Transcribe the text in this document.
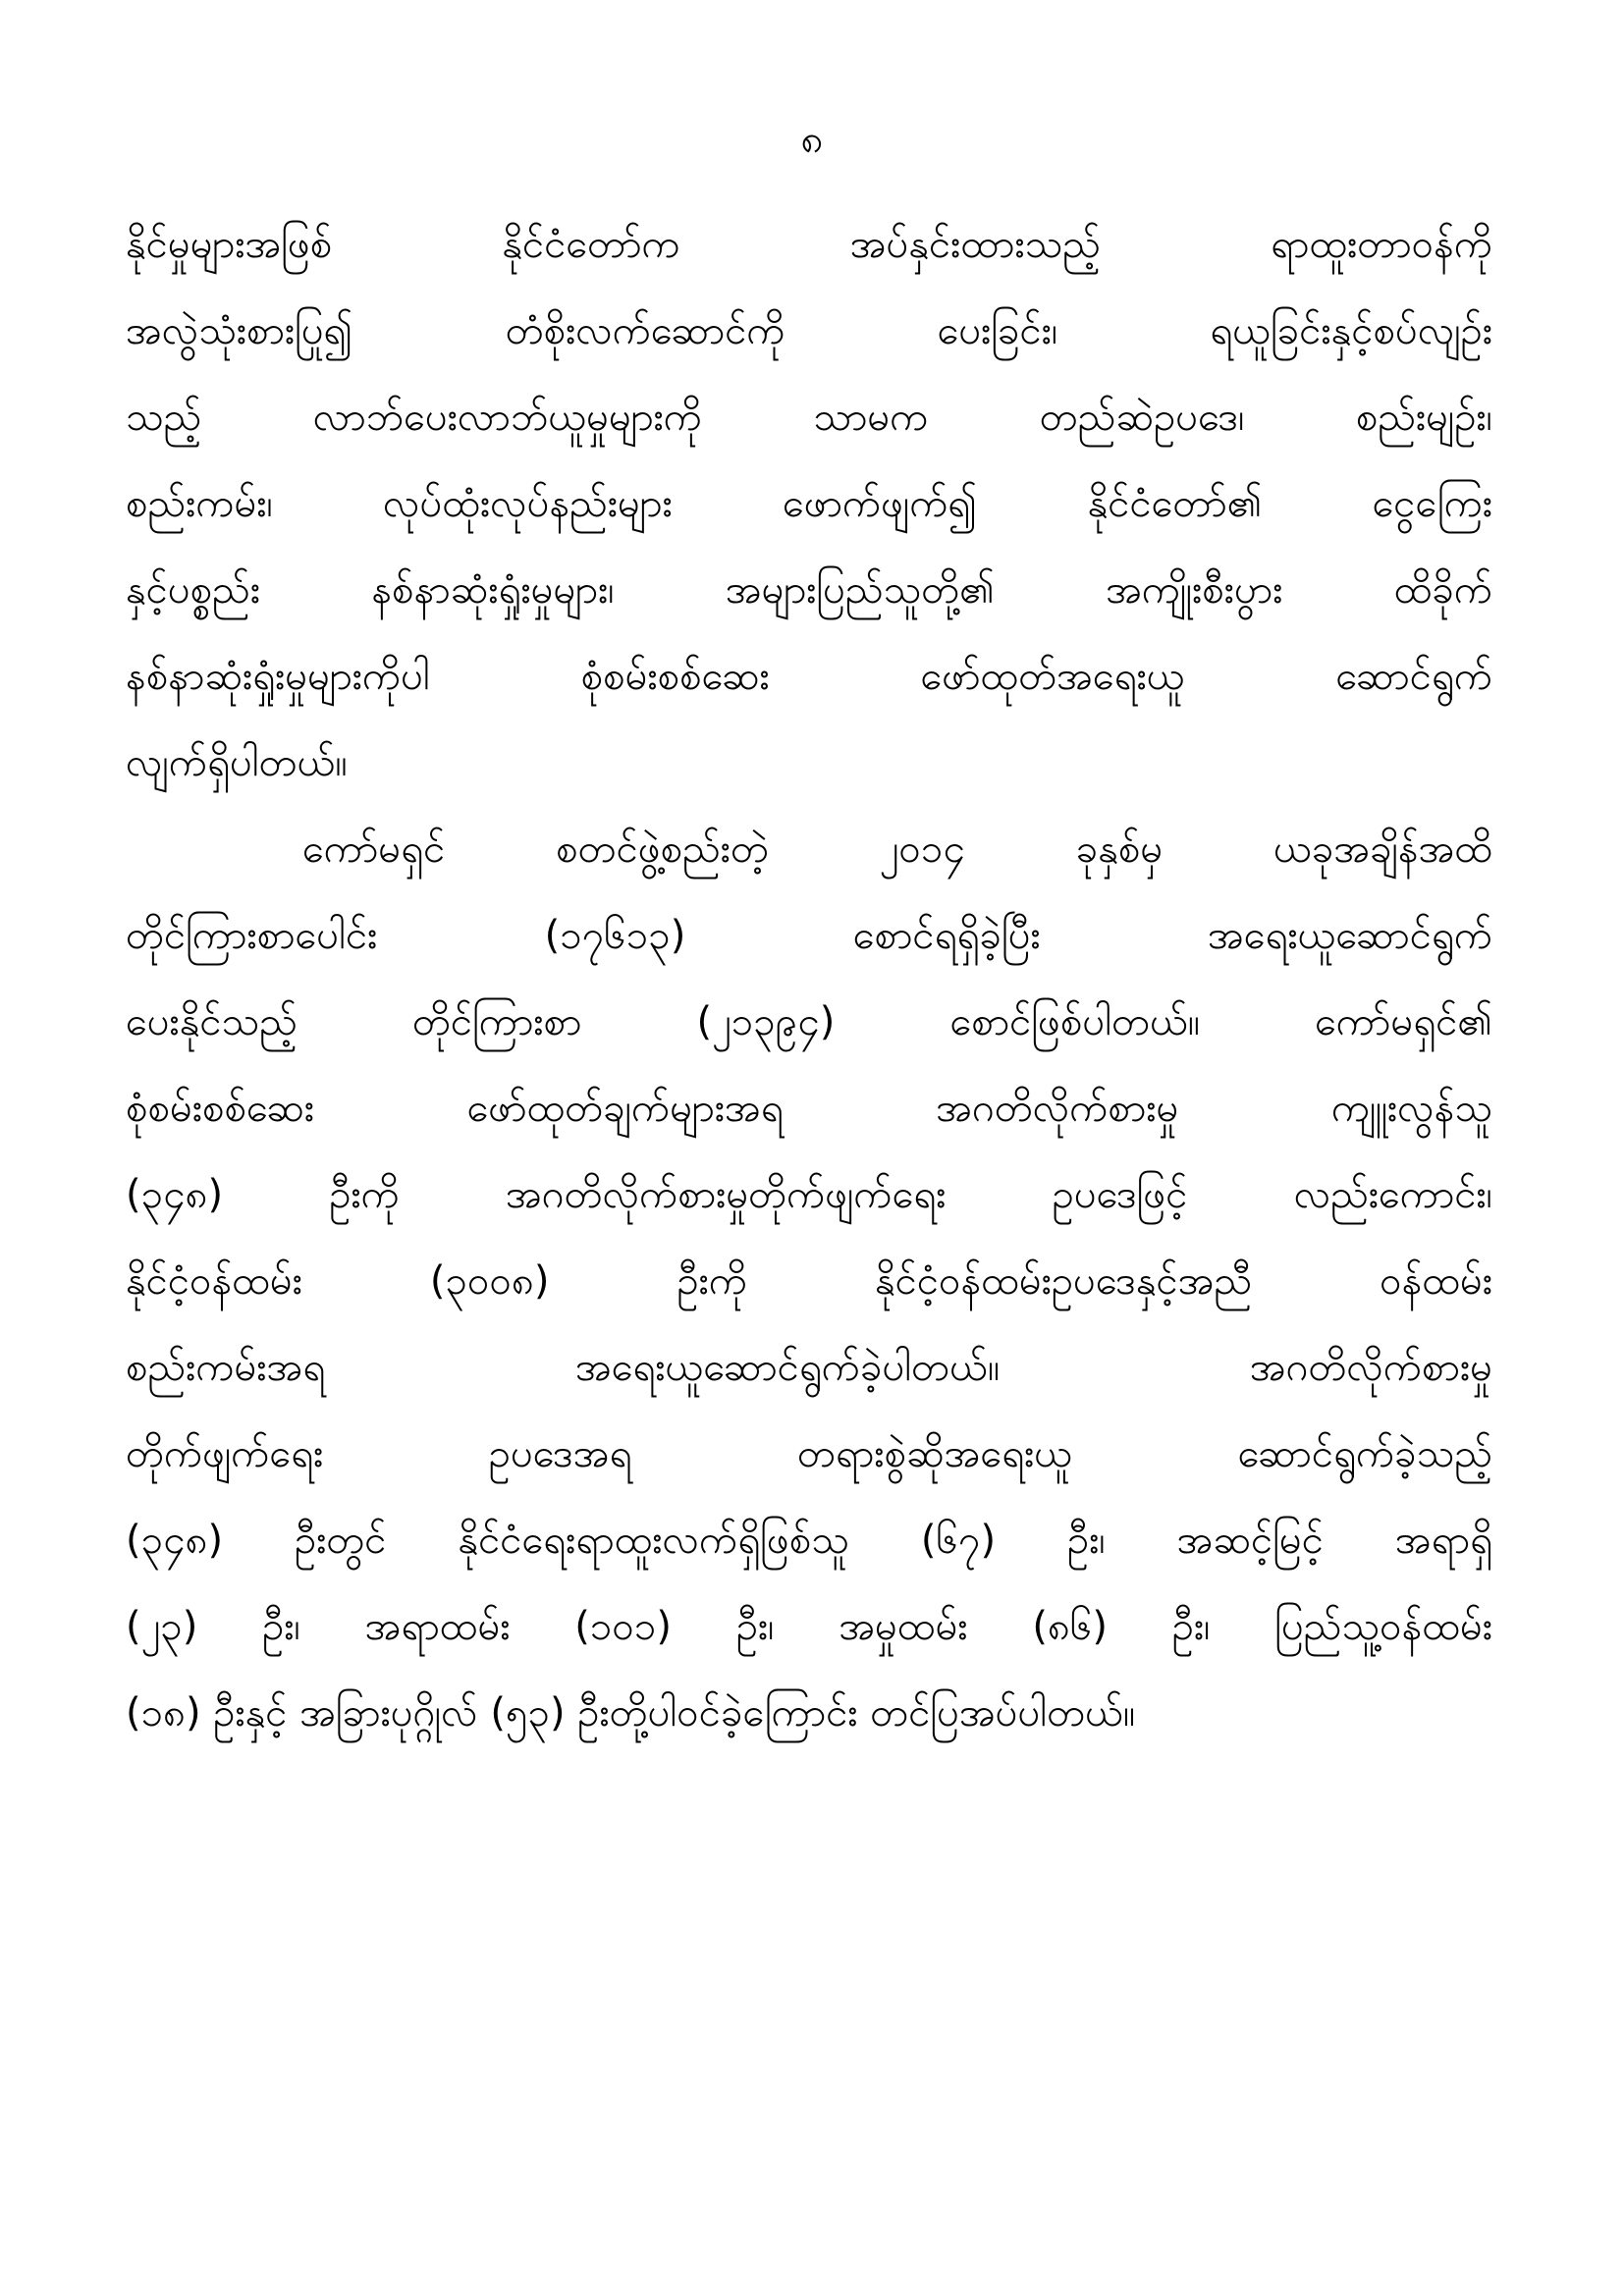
၈
နိုင်မှုများအဖြစ် နိုင်ငံတော်က အပ်နှင်းထားသည့် ရာထူးတာဝန်ကို
အလွဲသုံးစားပြု၍ တံစိုးလက်ဆောင်ကို ပေးခြင်း၊ ရယူခြင်းနှင့်စပ်လျဉ်း
သည့် လာဘ်ပေးလာဘ်ယူမှုများကို သာမက တည်ဆဲဥပဒေ၊ စည်းမျဉ်း၊
စည်းကမ်း၊ လုပ်ထုံးလုပ်နည်းများ ဖောက်ဖျက်၍ နိုင်ငံတော်၏ ငွေကြေး
နှင့်ပစ္စည်း နစ်နာဆုံးရှုံးမှုများ၊ အများပြည်သူတို့၏ အကျိုးစီးပွား ထိခိုက်
နစ်နာဆုံးရှုံးမှုများကိုပါ စုံစမ်းစစ်ဆေး ဖော်ထုတ်အရေးယူ ဆောင်ရွက်
လျက်ရှိပါတယ်။
ကော်မရှင် စတင်ဖွဲ့စည်းတဲ့ ၂၀၁၄ ခုနှစ်မှ ယခုအချိန်အထိ
တိုင်ကြားစာပေါင်း (၁၇၆၁၃) စောင်ရရှိခဲ့ပြီး အရေးယူဆောင်ရွက်
ပေးနိုင်သည့် တိုင်ကြားစာ (၂၁၃၉၄) စောင်ဖြစ်ပါတယ်။ ကော်မရှင်၏
စုံစမ်းစစ်ဆေး ဖော်ထုတ်ချက်များအရ အဂတိလိုက်စားမှု ကျူးလွန်သူ
(၃၄၈) ဦးကို အဂတိလိုက်စားမှုတိုက်ဖျက်ရေး ဥပဒေဖြင့် လည်းကောင်း၊
နိုင်ငံ့ဝန်ထမ်း (၃၀၀၈) ဦးကို နိုင်ငံ့ဝန်ထမ်းဥပဒေနှင့်အညီ ဝန်ထမ်း
စည်းကမ်းအရ အရေးယူဆောင်ရွက်ခဲ့ပါတယ်။ အဂတိလိုက်စားမှု
တိုက်ဖျက်ရေး ဥပဒေအရ တရားစွဲဆိုအရေးယူ ဆောင်ရွက်ခဲ့သည့်
(၃၄၈) ဦးတွင် နိုင်ငံရေးရာထူးလက်ရှိဖြစ်သူ (၆၇) ဦး၊ အဆင့်မြင့် အရာရှိ
(၂၃) ဦး၊ အရာထမ်း (၁၀၁) ဦး၊ အမှုထမ်း (၈၆) ဦး၊ ပြည်သူ့ဝန်ထမ်း
(၁၈) ဦးနှင့် အခြားပုဂ္ဂိုလ် (၅၃) ဦးတို့ပါဝင်ခဲ့ကြောင်း တင်ပြအပ်ပါတယ်။
